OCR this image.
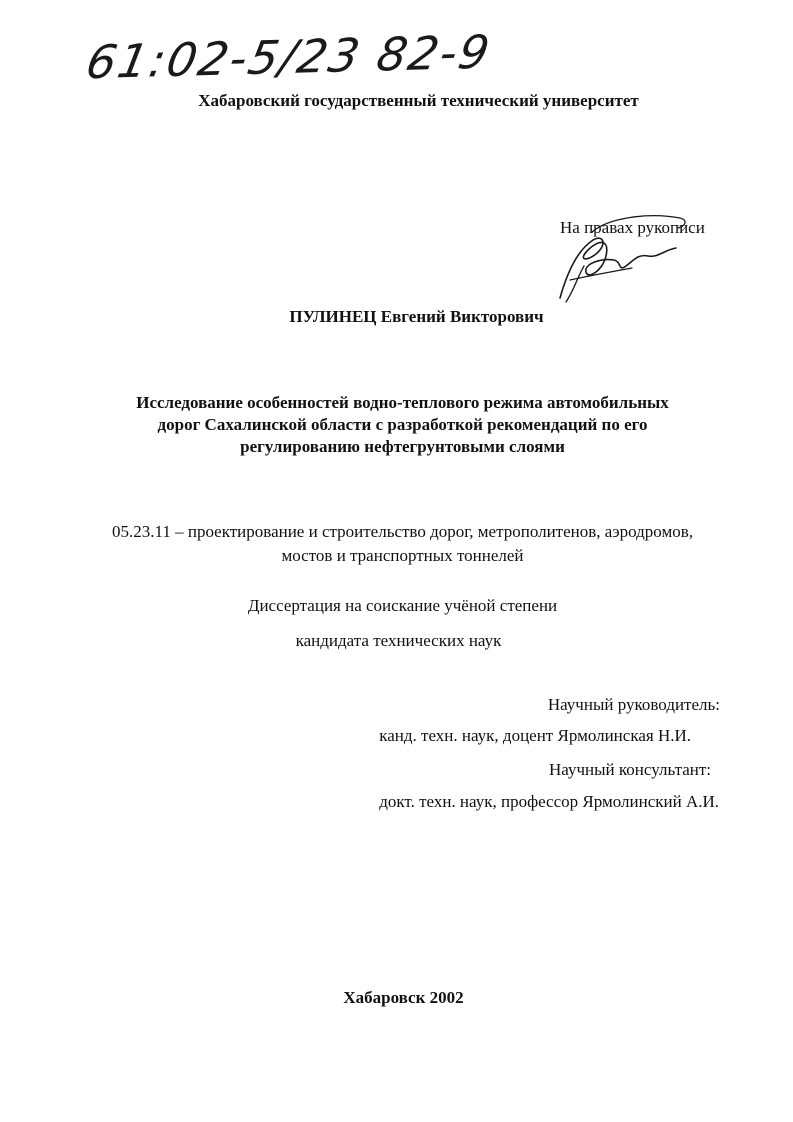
61:02-5/23 82-9
Хабаровский государственный технический университет
На правах рукописи
ПУЛИНЕЦ Евгений Викторович
Исследование особенностей водно-теплового режима автомобильных
дорог Сахалинской области с разработкой рекомендаций по его
регулированию нефтегрунтовыми слоями
05.23.11 – проектирование и строительство дорог, метрополитенов, аэродромов,
мостов и транспортных тоннелей
Диссертация на соискание учёной степени
кандидата технических наук
Научный руководитель:
канд. техн. наук, доцент Ярмолинская Н.И.
Научный консультант:
докт. техн. наук, профессор Ярмолинский А.И.
Хабаровск 2002
